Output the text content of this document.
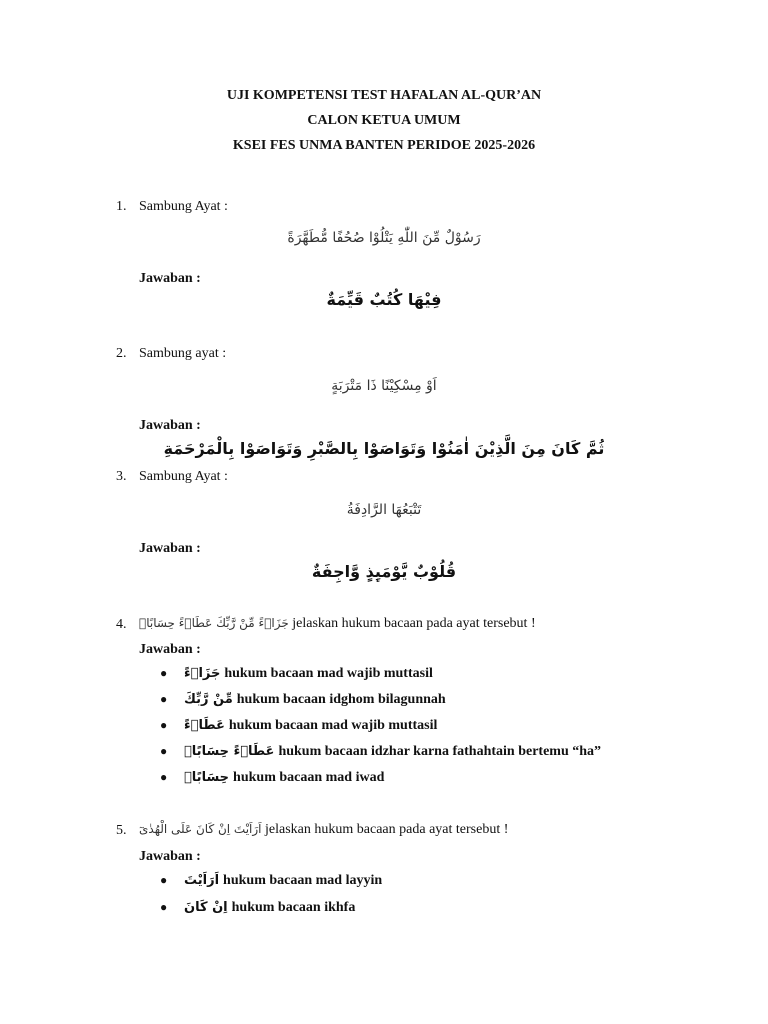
UJI KOMPETENSI TEST HAFALAN AL-QUR’AN
CALON KETUA UMUM
KSEI FES UNMA BANTEN PERIDOE 2025-2026
1. Sambung Ayat :
رَسُوْلٌ مِّنَ اللّٰهِ يَتْلُوْا صُحُفًا مُّطَهَّرَةً
Jawaban :
فِيْهَا كُتُبٌ قَيِّمَةٌ
2. Sambung ayat :
اَوْ مِسْكِيْنًا ذَا مَتْرَبَةٍ
Jawaban :
ثُمَّ كَانَ مِنَ الَّذِيْنَ اٰمَنُوْا وَتَوَاصَوْا بِالصَّبْرِ وَتَوَاصَوْا بِالْمَرْحَمَةِ
3. Sambung Ayat :
تَتْبَعُهَا الرَّادِفَةُ
Jawaban :
قُلُوْبٌ يَّوْمَىِٕذٍ وَّاجِفَةٌ
4. جَزَاۤءً مِّنْ رَّبِّكَ عَطَاۤءً حِسَابًاۙ jelaskan hukum bacaan pada ayat tersebut !
Jawaban :
●	جَزَاۤءً hukum bacaan mad wajib muttasil
●	مِّنْ رَّبِّكَ hukum bacaan idghom bilagunnah
●	عَطَاۤءً hukum bacaan mad wajib muttasil
●	عَطَاۤءً حِسَابًاۙ hukum bacaan idzhar karna fathahtain bertemu “ha”
●	حِسَابًاۙ hukum bacaan mad iwad
5. اَرَاَيْتَ اِنْ كَانَ عَلَى الْهُدٰىٓ jelaskan hukum bacaan pada ayat tersebut !
Jawaban :
●	اَرَاَيْتَ hukum bacaan mad layyin
●	اِنْ كَانَ hukum bacaan ikhfa
